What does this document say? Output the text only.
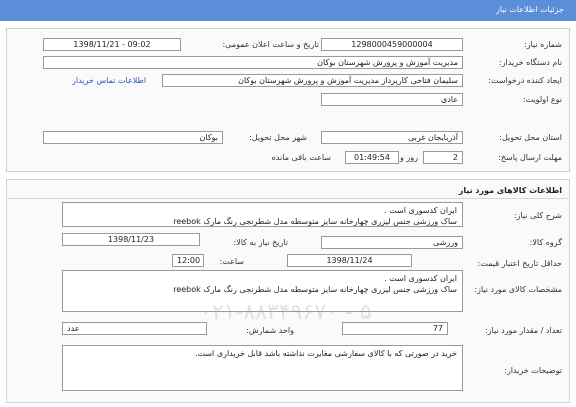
جزئیات اطلاعات نیاز
شماره نیاز:
1298000459000004
تاریخ و ساعت اعلان عمومی:
1398/11/21 - 09:02
نام دستگاه خریدار:
مدیریت آموزش و پرورش شهرستان بوکان
ایجاد کننده درخواست:
سلیمان فتاحی کارپرداز مدیریت آموزش و پرورش شهرستان بوکان
اطلاعات تماس خریدار
نوع اولویت:
عادی
استان محل تحویل:
آذربایجان غربی
شهر محل تحویل:
بوکان
مهلت ارسال پاسخ:
2
روز و
01:49:54
ساعت باقی مانده
اطلاعات کالاهای مورد نیاز
شرح کلی نیاز:
ایران کدسوری است .
ساک ورزشی جنس لیزری چهارخانه سایز متوسطه مدل شطرنجی رنگ مارک reebok
گروه کالا:
ورزشی
تاریخ نیاز به کالا:
1398/11/23
حداقل تاریخ اعتبار قیمت:
1398/11/24
ساعت:
12:00
مشخصات کالای مورد نیاز:
ایران کدسوری است .
ساک ورزشی جنس لیزری چهارخانه سایز متوسطه مدل شطرنجی رنگ مارک reebok
تعداد / مقدار مورد نیاز:
77
واحد شمارش:
عدد
توضیحات خریدار:
خرید در صورتی که با کالای سفارشی مغایرت نداشته باشد قابل خریداری است.
۰۲۱-۸۸۳۴۹۶۷۰ - ۵
